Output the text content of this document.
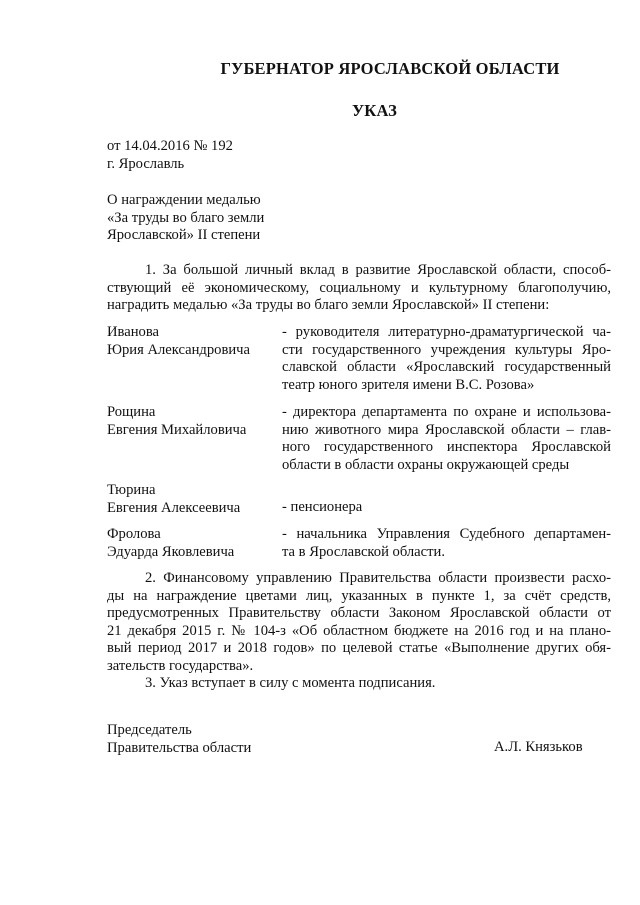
ГУБЕРНАТОР ЯРОСЛАВСКОЙ ОБЛАСТИ
УКАЗ
от 14.04.2016 № 192
г. Ярославль
О награждении медалью
«За труды во благо земли
Ярославской» II степени
1. За большой личный вклад в развитие Ярославской области, способ-
ствующий её экономическому, социальному и культурному благополучию,
наградить медалью «За труды во благо земли Ярославской» II степени:
Иванова
Юрия Александровича
- руководителя литературно-драматургической ча-
сти государственного учреждения культуры Яро-
славской области «Ярославский государственный
театр юного зрителя имени В.С. Розова»
Рощина
Евгения Михайловича
- директора департамента по охране и использова-
нию животного мира Ярославской области – глав-
ного государственного инспектора Ярославской
области в области охраны окружающей среды
Тюрина
Евгения Алексеевича	- пенсионера
Фролова
Эдуарда Яковлевича
- начальника Управления Судебного департамен-
та в Ярославской области.
2. Финансовому управлению Правительства области произвести расхо-
ды на награждение цветами лиц, указанных в пункте 1, за счёт средств,
предусмотренных Правительству области Законом Ярославской области от
21 декабря 2015 г. № 104-з «Об областном бюджете на 2016 год и на плано-
вый период 2017 и 2018 годов» по целевой статье «Выполнение других обя-
зательств государства».
3. Указ вступает в силу с момента подписания.
Председатель
Правительства области	А.Л. Князьков
